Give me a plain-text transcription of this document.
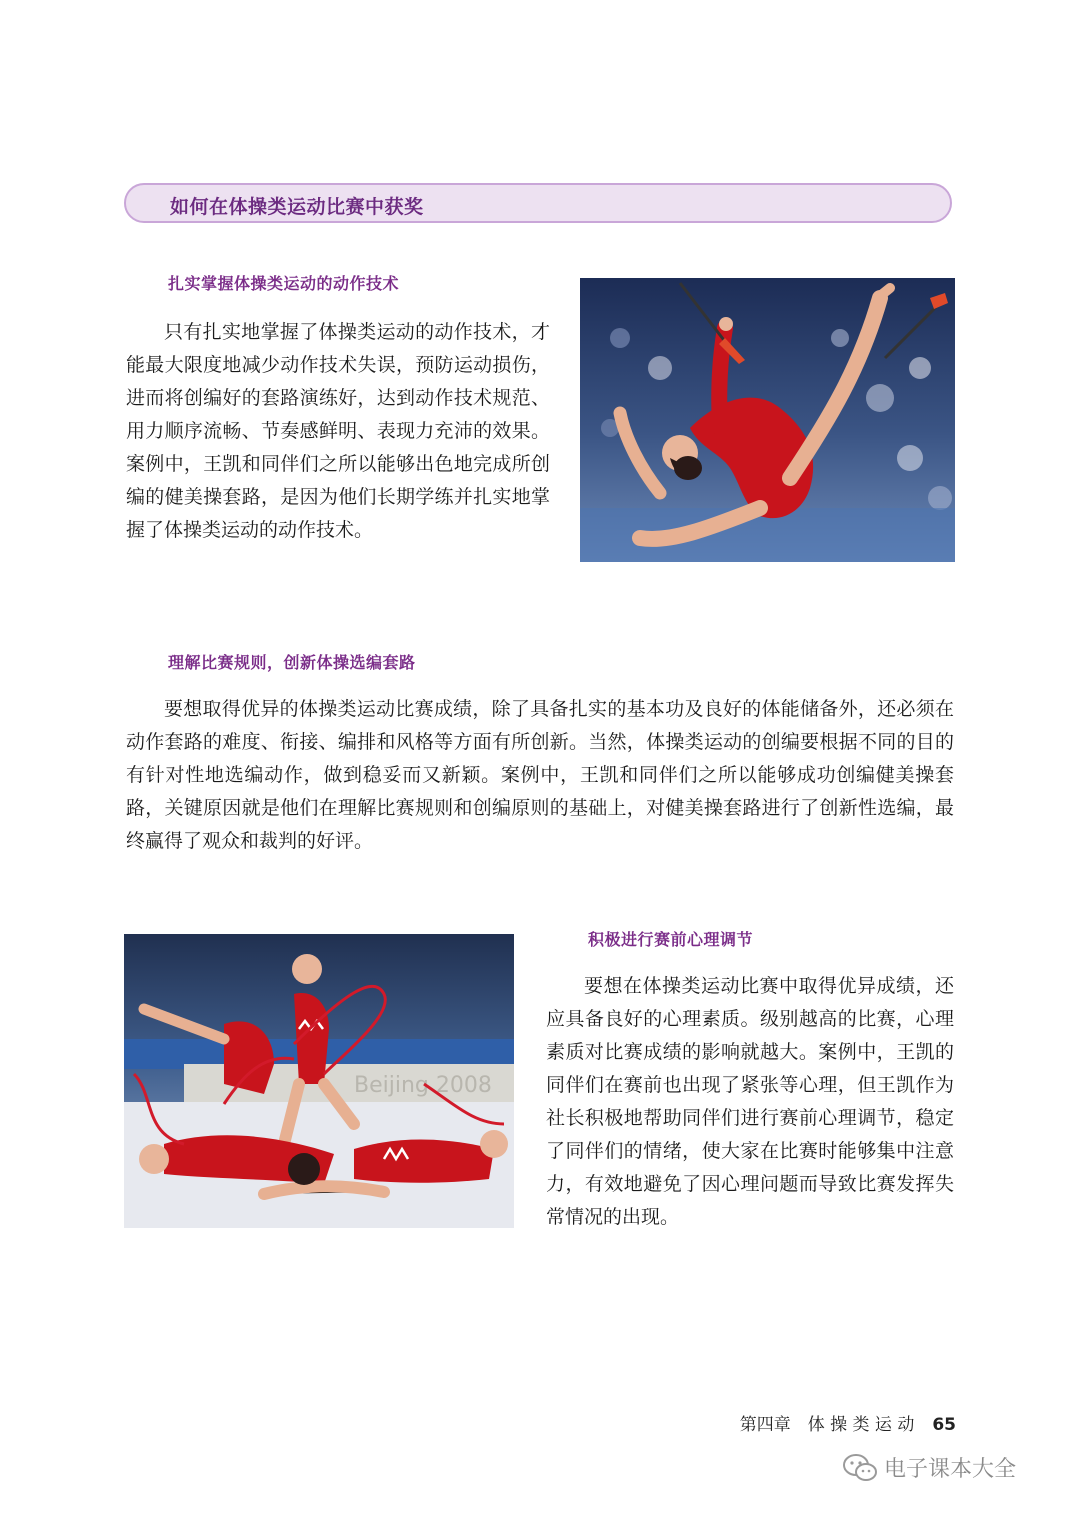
如何在体操类运动比赛中获奖
扎实掌握体操类运动的动作技术

只有扎实地掌握了体操类运动的动作技术，才能最大限度地减少动作技术失误，预防运动损伤，进而将创编好的套路演练好，达到动作技术规范、用力顺序流畅、节奏感鲜明、表现力充沛的效果。案例中，王凯和同伴们之所以能够出色地完成所创编的健美操套路，是因为他们长期学练并扎实地掌握了体操类运动的动作技术。

理解比赛规则，创新体操选编套路

要想取得优异的体操类运动比赛成绩，除了具备扎实的基本功及良好的体能储备外，还必须在动作套路的难度、衔接、编排和风格等方面有所创新。当然，体操类运动的创编要根据不同的目的有针对性地选编动作，做到稳妥而又新颖。案例中，王凯和同伴们之所以能够成功创编健美操套路，关键原因就是他们在理解比赛规则和创编原则的基础上，对健美操套路进行了创新性选编，最终赢得了观众和裁判的好评。

Beijing 2008
积极进行赛前心理调节

要想在体操类运动比赛中取得优异成绩，还应具备良好的心理素质。级别越高的比赛，心理素质对比赛成绩的影响就越大。案例中，王凯的同伴们在赛前也出现了紧张等心理，但王凯作为社长积极地帮助同伴们进行赛前心理调节，稳定了同伴们的情绪，使大家在比赛时能够集中注意力，有效地避免了因心理问题而导致比赛发挥失常情况的出现。

第四章　体 操 类 运 动 65
电子课本大全
